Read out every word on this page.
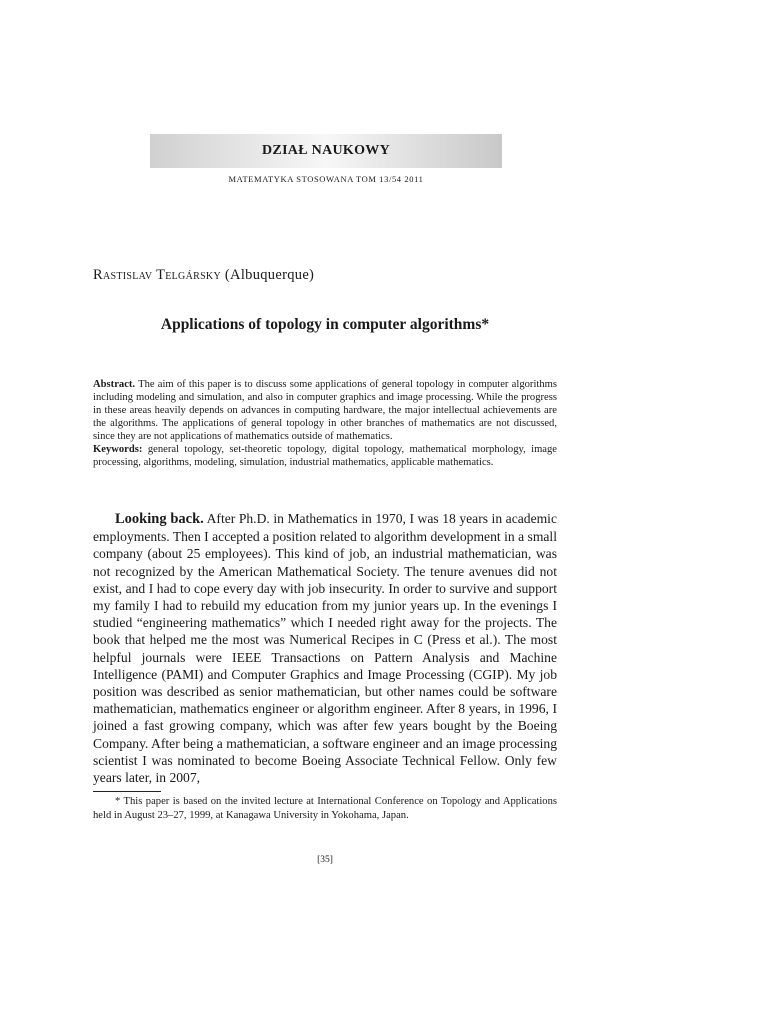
DZIAŁ NAUKOWY
MATEMATYKA STOSOWANA TOM 13/54 2011
Rastislav Telgársky (Albuquerque)
Applications of topology in computer algorithms*

Abstract. The aim of this paper is to discuss some applications of general topology in computer algorithms including modeling and simulation, and also in computer graphics and image processing. While the progress in these areas heavily depends on advances in computing hardware, the major intellectual achievements are the algorithms. The applications of general topology in other branches of mathematics are not discussed, since they are not applications of mathematics outside of mathematics.
Keywords: general topology, set-theoretic topology, digital topology, mathematical morphology, image processing, algorithms, modeling, simulation, industrial mathematics, applicable mathematics.

Looking back. After Ph.D. in Mathematics in 1970, I was 18 years in academic employments. Then I accepted a position related to algorithm development in a small company (about 25 employees). This kind of job, an industrial mathematician, was not recognized by the American Mathematical Society. The tenure avenues did not exist, and I had to cope every day with job insecurity. In order to survive and support my family I had to rebuild my education from my junior years up. In the evenings I studied “engineering mathematics” which I needed right away for the projects. The book that helped me the most was Numerical Recipes in C (Press et al.). The most helpful journals were IEEE Transactions on Pattern Analysis and Machine Intelligence (PAMI) and Computer Graphics and Image Processing (CGIP). My job position was described as senior mathematician, but other names could be software mathematician, mathematics engineer or algorithm engineer. After 8 years, in 1996, I joined a fast growing company, which was after few years bought by the Boeing Company. After being a mathematician, a software engineer and an image processing scientist I was nominated to become Boeing Associate Technical Fellow. Only few years later, in 2007,

* This paper is based on the invited lecture at International Conference on Topology and Applications held in August 23–27, 1999, at Kanagawa University in Yokohama, Japan.

[35]
